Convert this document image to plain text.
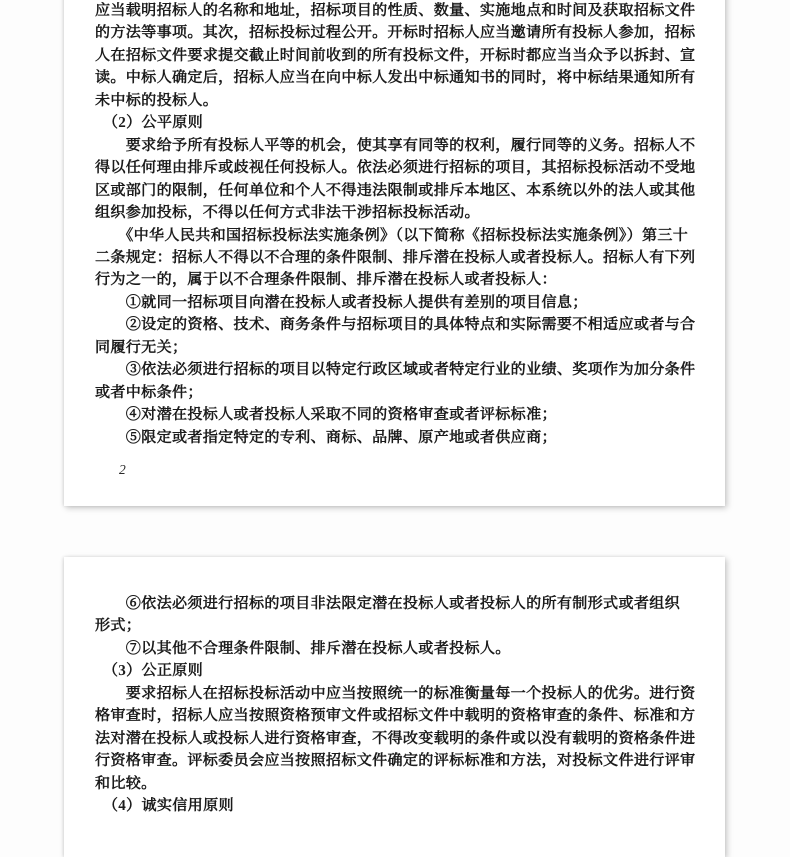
应当载明招标人的名称和地址，招标项目的性质、数量、实施地点和时间及获取招标文件
的方法等事项。其次，招标投标过程公开。开标时招标人应当邀请所有投标人参加，招标
人在招标文件要求提交截止时间前收到的所有投标文件，开标时都应当当众予以拆封、宣
读。中标人确定后，招标人应当在向中标人发出中标通知书的同时，将中标结果通知所有
未中标的投标人。
　（2）公平原则
　　要求给予所有投标人平等的机会，使其享有同等的权利，履行同等的义务。招标人不
得以任何理由排斥或歧视任何投标人。依法必须进行招标的项目，其招标投标活动不受地
区或部门的限制，任何单位和个人不得违法限制或排斥本地区、本系统以外的法人或其他
组织参加投标，不得以任何方式非法干涉招标投标活动。
　　《中华人民共和国招标投标法实施条例》（以下简称《招标投标法实施条例》）第三十
二条规定：招标人不得以不合理的条件限制、排斥潜在投标人或者投标人。招标人有下列
行为之一的，属于以不合理条件限制、排斥潜在投标人或者投标人：
　　①就同一招标项目向潜在投标人或者投标人提供有差别的项目信息；
　　②设定的资格、技术、商务条件与招标项目的具体特点和实际需要不相适应或者与合
同履行无关；
　　③依法必须进行招标的项目以特定行政区域或者特定行业的业绩、奖项作为加分条件
或者中标条件；
　　④对潜在投标人或者投标人采取不同的资格审查或者评标标准；
　　⑤限定或者指定特定的专利、商标、品牌、原产地或者供应商；
2
　　⑥依法必须进行招标的项目非法限定潜在投标人或者投标人的所有制形式或者组织
形式；
　　⑦以其他不合理条件限制、排斥潜在投标人或者投标人。
　（3）公正原则
　　要求招标人在招标投标活动中应当按照统一的标准衡量每一个投标人的优劣。进行资
格审查时，招标人应当按照资格预审文件或招标文件中载明的资格审查的条件、标准和方
法对潜在投标人或投标人进行资格审查，不得改变载明的条件或以没有载明的资格条件进
行资格审查。评标委员会应当按照招标文件确定的评标标准和方法，对投标文件进行评审
和比较。
　（4）诚实信用原则
